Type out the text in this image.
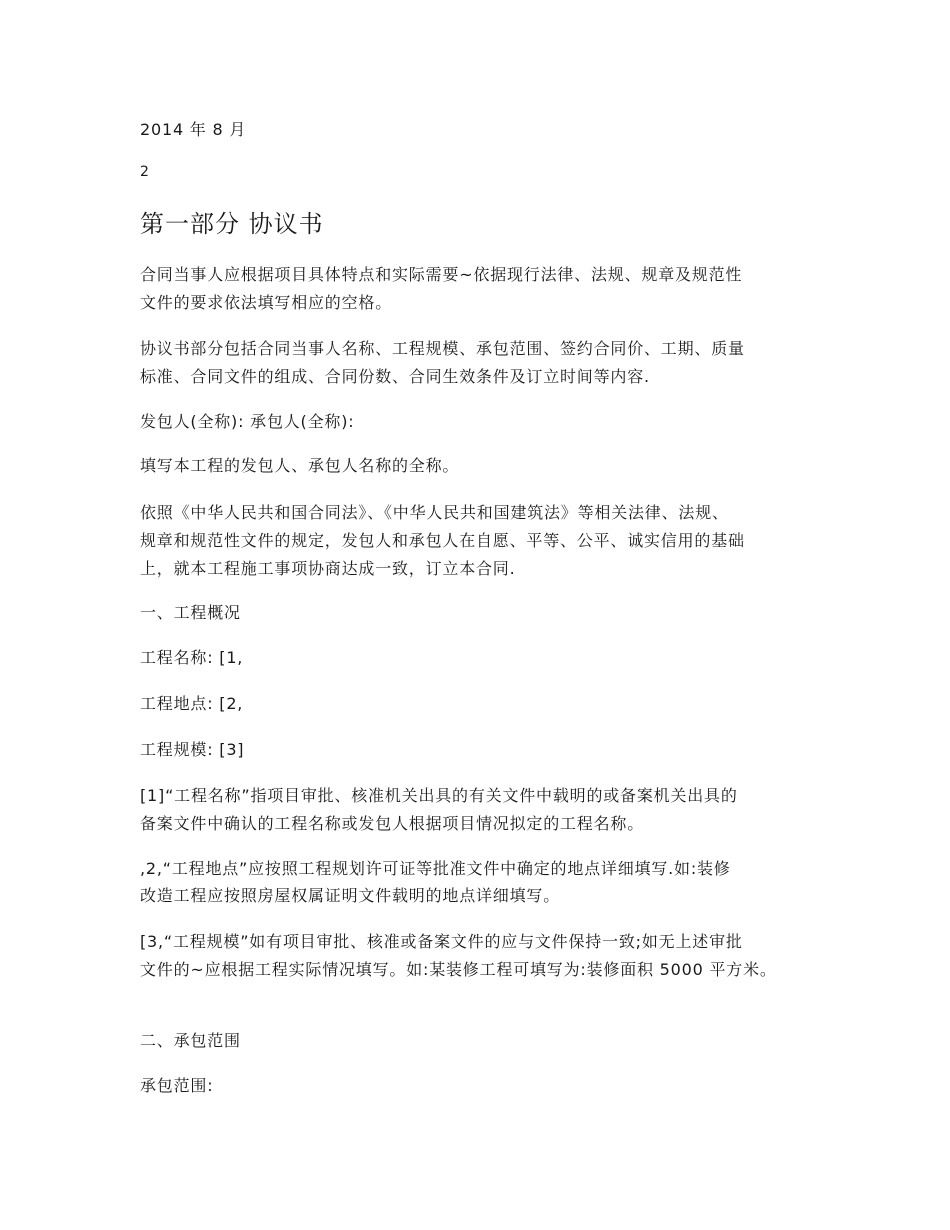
2014 年 8 月
2
第一部分 协议书
合同当事人应根据项目具体特点和实际需要~依据现行法律、法规、规章及规范性
文件的要求依法填写相应的空格。
协议书部分包括合同当事人名称、工程规模、承包范围、签约合同价、工期、质量
标准、合同文件的组成、合同份数、合同生效条件及订立时间等内容.
发包人(全称): 承包人(全称):
填写本工程的发包人、承包人名称的全称。
依照《中华人民共和国合同法》、《中华人民共和国建筑法》等相关法律、法规、
规章和规范性文件的规定，发包人和承包人在自愿、平等、公平、诚实信用的基础
上，就本工程施工事项协商达成一致，订立本合同.
一、工程概况
工程名称: [1,
工程地点: [2,
工程规模: [3]
[1]“工程名称”指项目审批、核准机关出具的有关文件中载明的或备案机关出具的
备案文件中确认的工程名称或发包人根据项目情况拟定的工程名称。
,2,“工程地点”应按照工程规划许可证等批准文件中确定的地点详细填写.如:装修
改造工程应按照房屋权属证明文件载明的地点详细填写。
[3,“工程规模”如有项目审批、核准或备案文件的应与文件保持一致;如无上述审批
文件的~应根据工程实际情况填写。如:某装修工程可填写为:装修面积 5000 平方米。
二、承包范围
承包范围:
